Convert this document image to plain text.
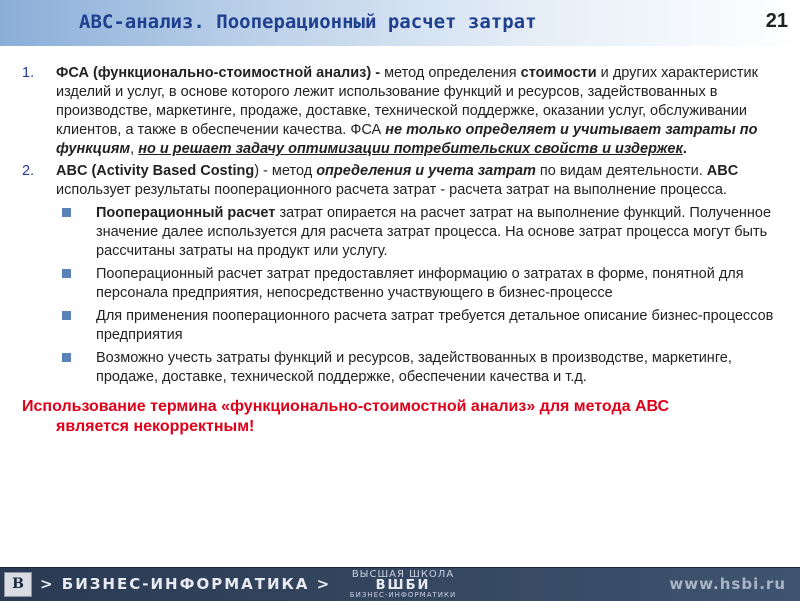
АВС-анализ. Пооперационный расчет затрат	21
1. ФСА (функционально-стоимостной анализ) - метод определения стоимости и других характеристик изделий и услуг, в основе которого лежит использование функций и ресурсов, задействованных в производстве, маркетинге, продаже, доставке, технической поддержке, оказании услуг, обслуживании клиентов, а также в обеспечении качества. ФСА не только определяет и учитывает затраты по функциям, но и решает задачу оптимизации потребительских свойств и издержек.
2. ABC (Activity Based Costing) - метод определения и учета затрат по видам деятельности. ABC использует результаты пооперационного расчета затрат - расчета затрат на выполнение процесса.
Пооперационный расчет затрат опирается на расчет затрат на выполнение функций. Полученное значение далее используется для расчета затрат процесса. На основе затрат процесса могут быть рассчитаны затраты на продукт или услугу.
Пооперационный расчет затрат предоставляет информацию о затратах в форме, понятной для персонала предприятия, непосредственно участвующего в бизнес-процессе
Для применения пооперационного расчета затрат требуется детальное описание бизнес-процессов предприятия
Возможно учесть затраты функций и ресурсов, задействованных в производстве, маркетинге, продаже, доставке, технической поддержке, обеспечении качества и т.д.
Использование термина «функционально-стоимостной анализ» для метода АВС
является некорректным!
B	> БИЗНЕС-ИНФОРМАТИКА >
ВЫСШАЯ ШКОЛА
ВШБИ
БИЗНЕС-ИНФОРМАТИКИ
www.hsbi.ru
